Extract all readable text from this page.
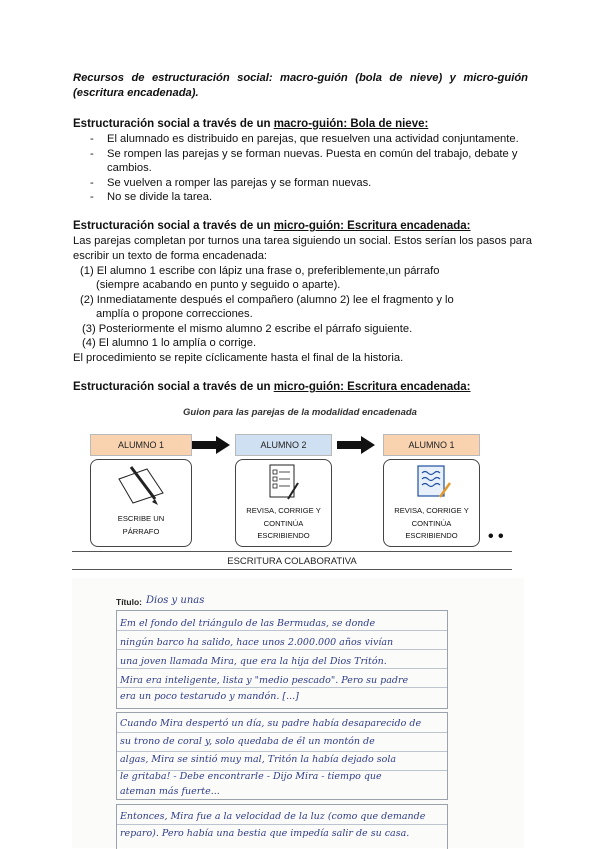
Recursos de estructuración social: macro-guión (bola de nieve) y micro-guión (escritura encadenada).
Estructuración social a través de un macro-guión: Bola de nieve:
- El alumnado es distribuido en parejas, que resuelven una actividad conjuntamente.
- Se rompen las parejas y se forman nuevas. Puesta en común del trabajo, debate y cambios.
- Se vuelven a romper las parejas y se forman nuevas.
- No se divide la tarea.
Estructuración social a través de un micro-guión: Escritura encadenada:
Las parejas completan por turnos una tarea siguiendo un social. Estos serían los pasos para escribir un texto de forma encadenada:
(1) El alumno 1 escribe con lápiz una frase o, preferiblemente,un párrafo
(siempre acabando en punto y seguido o aparte).
(2) Inmediatamente después el compañero (alumno 2) lee el fragmento y lo
amplía o propone correcciones.
(3) Posteriormente el mismo alumno 2 escribe el párrafo siguiente.
(4) El alumno 1 lo amplía o corrige.
El procedimiento se repite cíclicamente hasta el final de la historia.
Estructuración social a través de un micro-guión: Escritura encadenada:
Guion para las parejas de la modalidad encadenada
ALUMNO 1	ALUMNO 2	ALUMNO 1
ESCRIBE UN
PÁRRAFO
REVISA, CORRIGE Y
CONTINÚA
ESCRIBIENDO
REVISA, CORRIGE Y
CONTINÚA
ESCRIBIENDO	• •
ESCRITURA COLABORATIVA
Título: Dios y unas
Em el fondo del triángulo de las Bermudas, se donde
ningún barco ha salido, hace unos 2.000.000 años vivían
una joven llamada Mira, que era la hija del Dios Tritón.
Mira era inteligente, lista y "medio pescado". Pero su padre
era un poco testarudo y mandón. [...]
Cuando Mira despertó un día, su padre había desaparecido de
su trono de coral y, solo quedaba de él un montón de
algas, Mira se sintió muy mal, Tritón la había dejado sola
le gritaba! - Debe encontrarle - Dijo Mira - tiempo que
ateman más fuerte...
Entonces, Mira fue a la velocidad de la luz (como que demande
reparo). Pero había una bestia que impedía salir de su casa.
